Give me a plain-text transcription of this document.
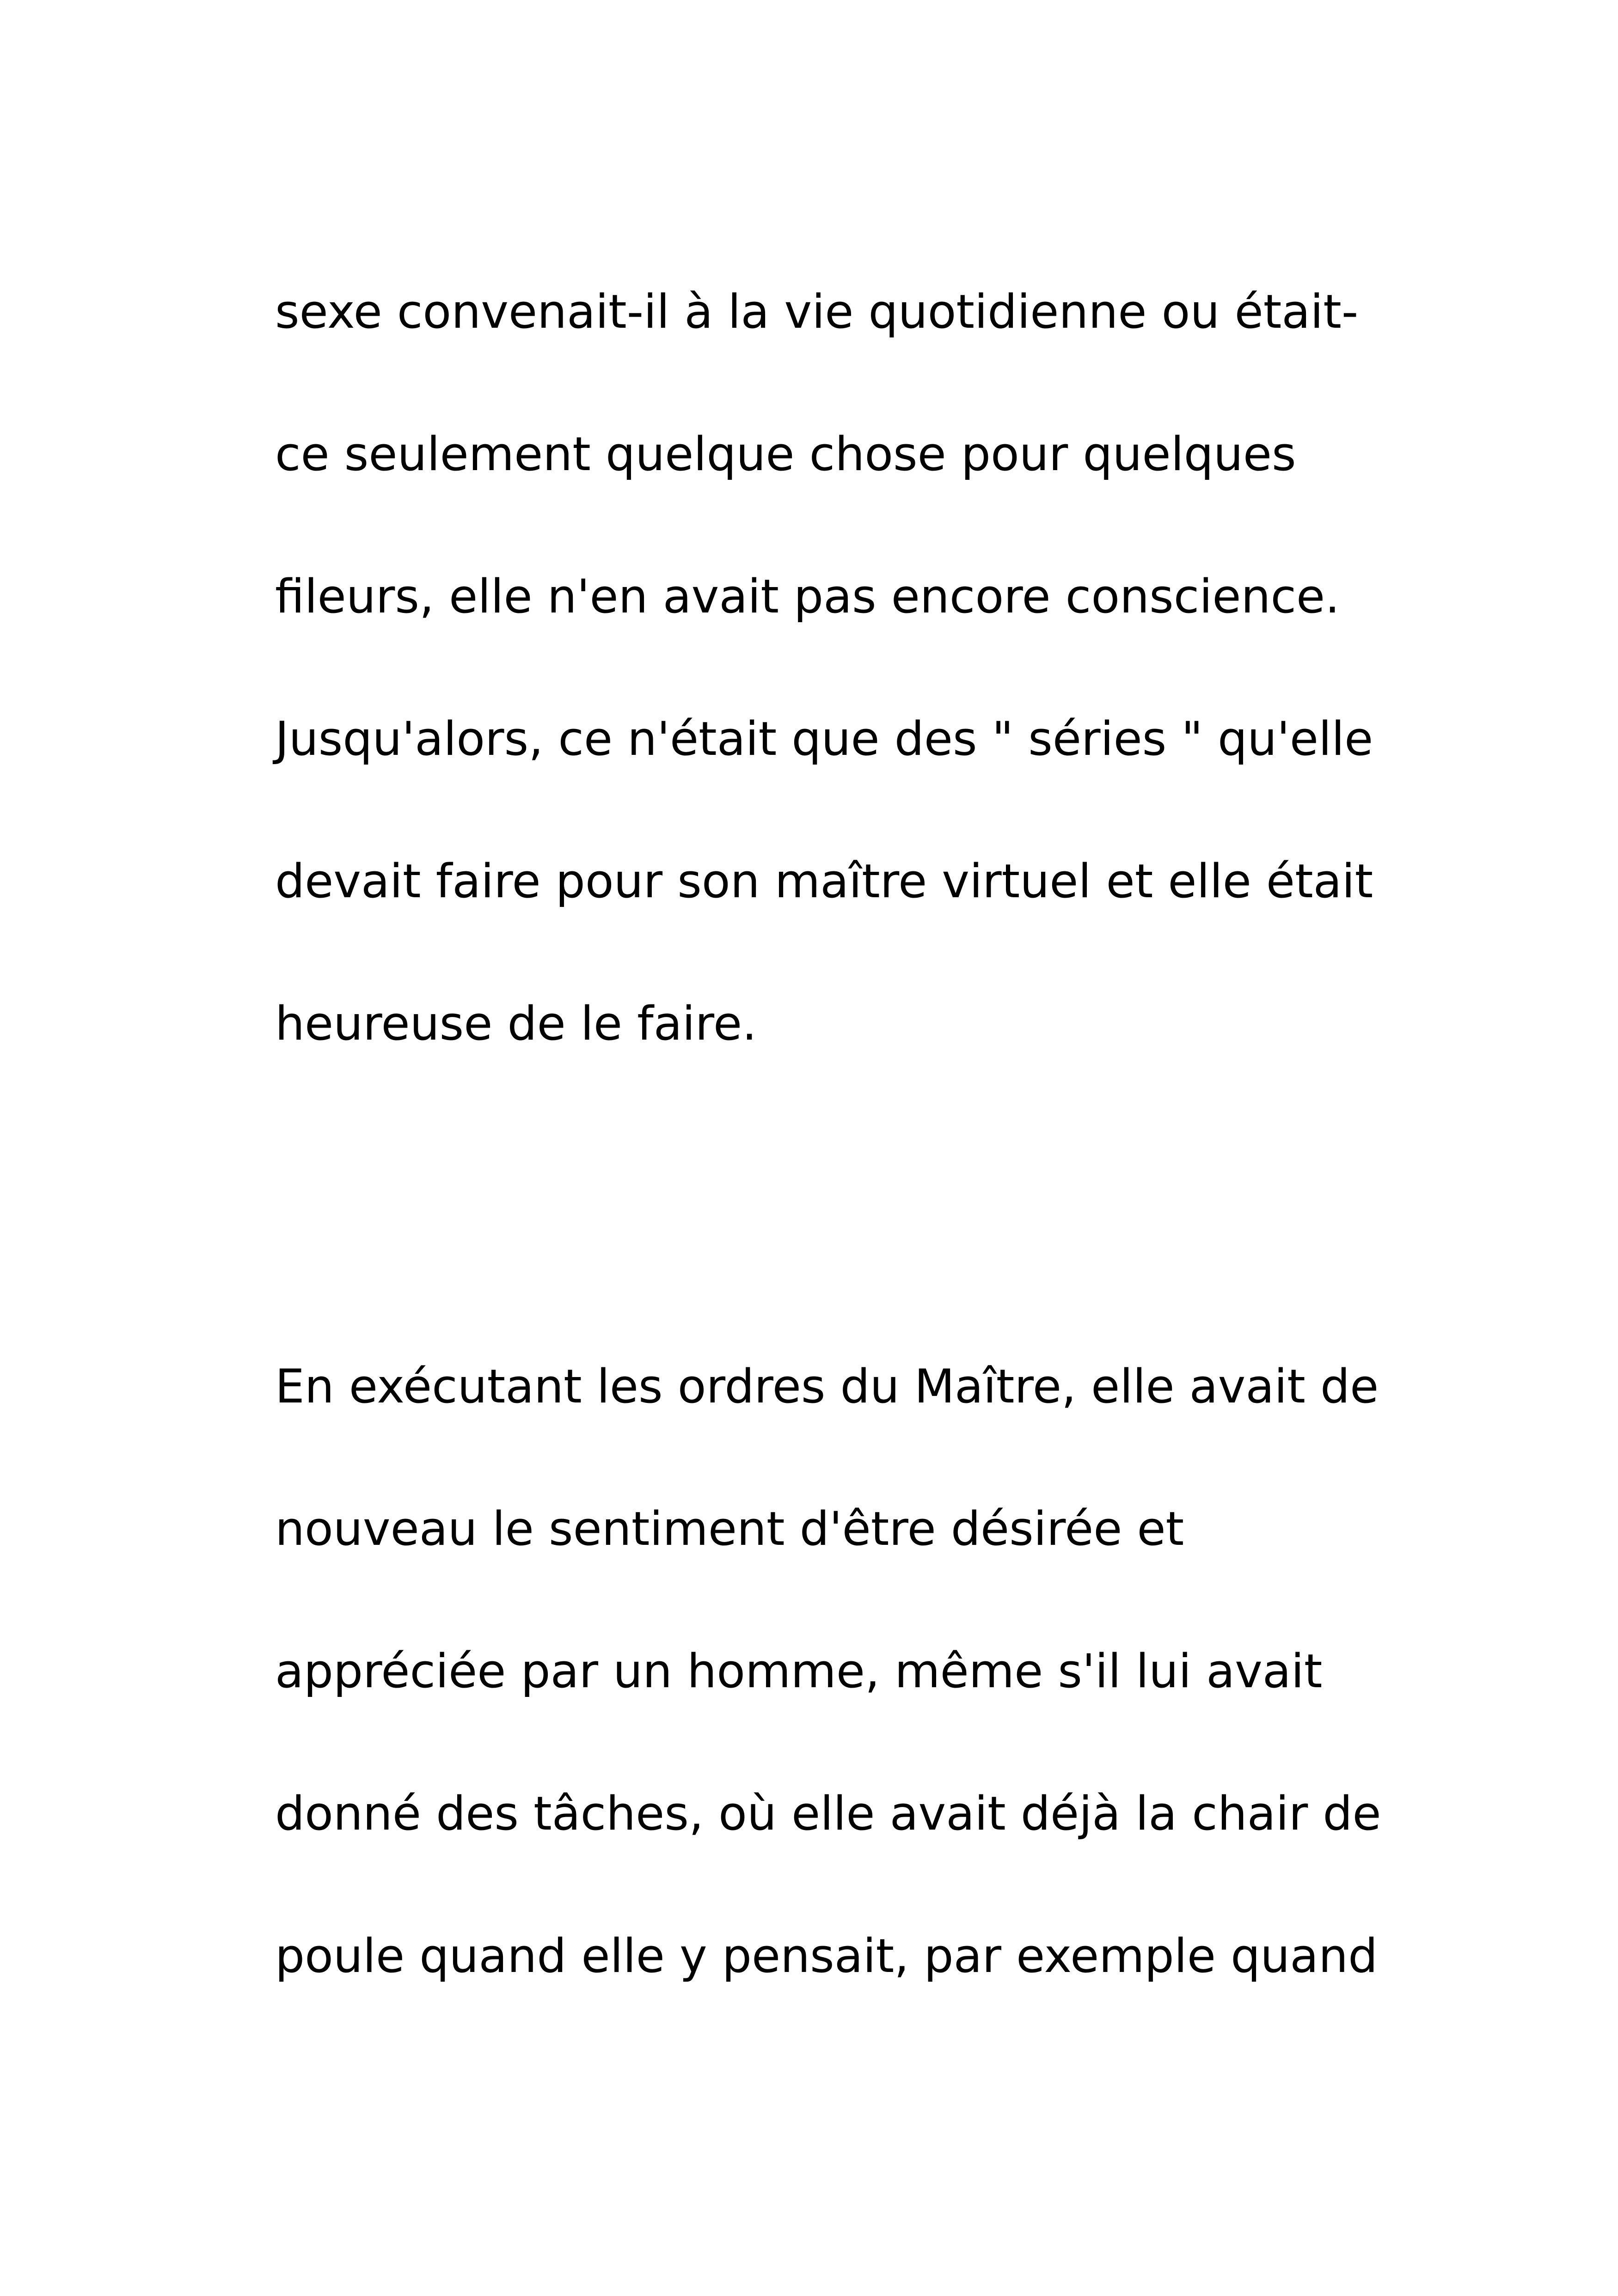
sexe convenait-il à la vie quotidienne ou était-

ce seulement quelque chose pour quelques

fileurs, elle n'en avait pas encore conscience.

Jusqu'alors, ce n'était que des " séries " qu'elle

devait faire pour son maître virtuel et elle était

heureuse de le faire.

En exécutant les ordres du Maître, elle avait de

nouveau le sentiment d'être désirée et

appréciée par un homme, même s'il lui avait

donné des tâches, où elle avait déjà la chair de

poule quand elle y pensait, par exemple quand
